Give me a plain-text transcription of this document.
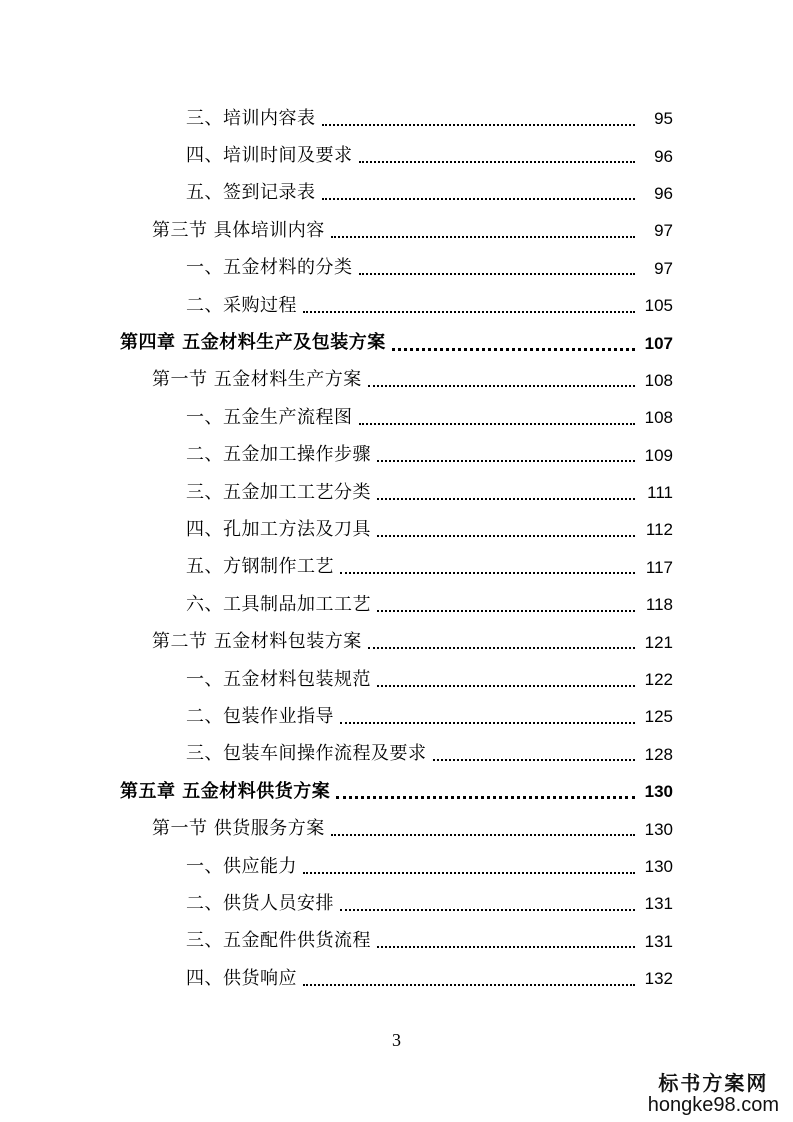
三、培训内容表	95
四、培训时间及要求	96
五、签到记录表	96
第三节 具体培训内容	97
一、五金材料的分类	97
二、采购过程	105
第四章 五金材料生产及包装方案	107
第一节 五金材料生产方案	108
一、五金生产流程图	108
二、五金加工操作步骤	109
三、五金加工工艺分类	111
四、孔加工方法及刀具	112
五、方钢制作工艺	117
六、工具制品加工工艺	118
第二节 五金材料包装方案	121
一、五金材料包装规范	122
二、包装作业指导	125
三、包装车间操作流程及要求	128
第五章 五金材料供货方案	130
第一节 供货服务方案	130
一、供应能力	130
二、供货人员安排	131
三、五金配件供货流程	131
四、供货响应	132
3
标书方案网
hongke98.com
